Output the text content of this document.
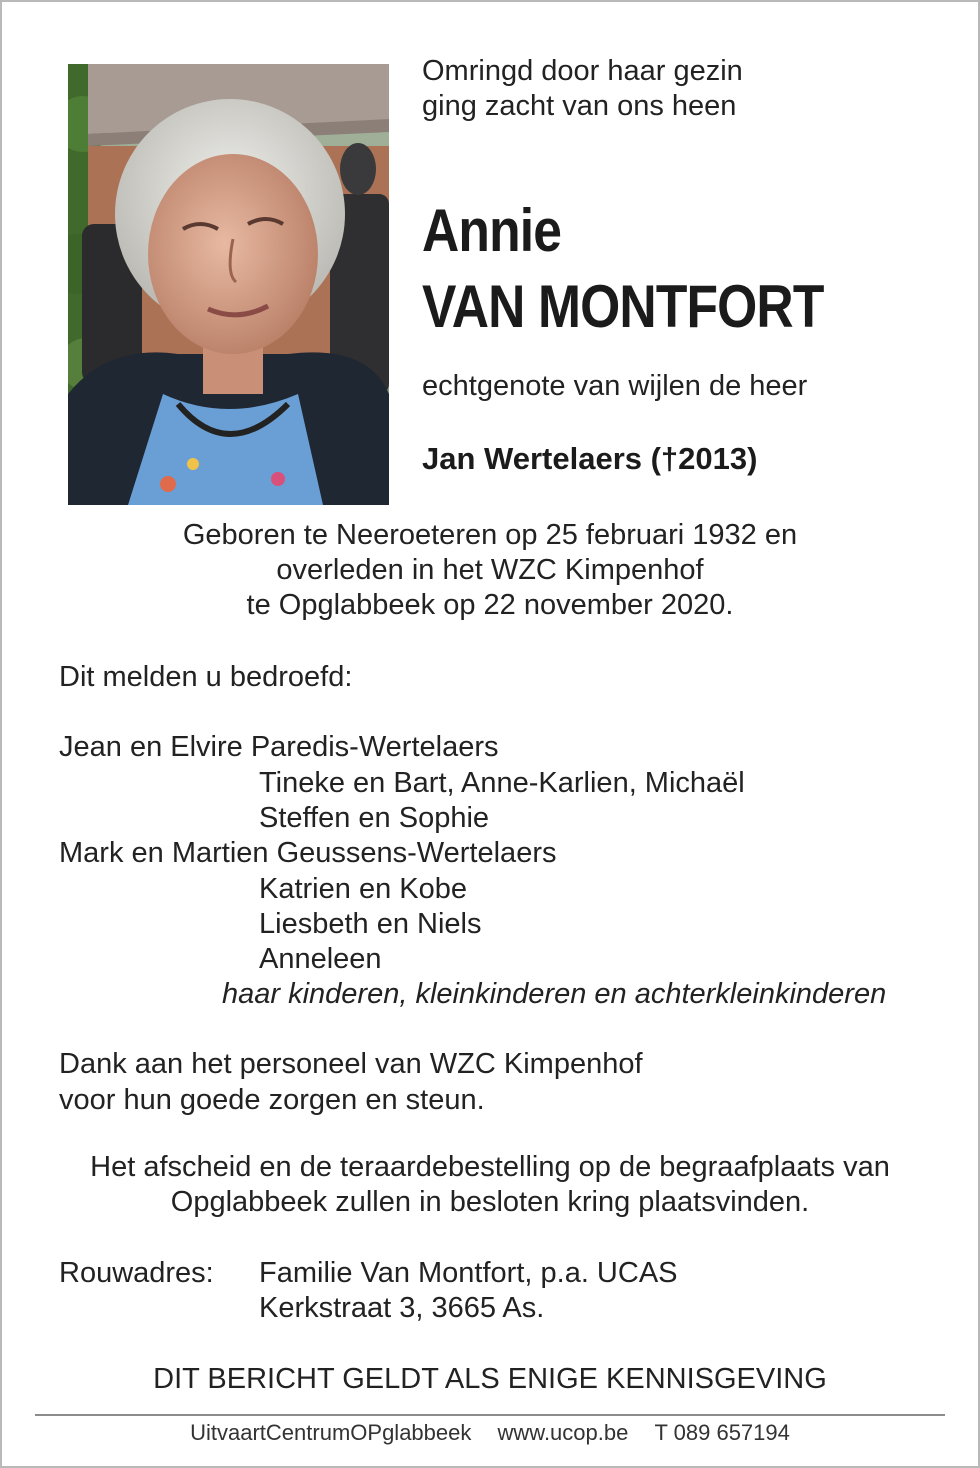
Omringd door haar gezin
ging zacht van ons heen
Annie
VAN MONTFORT
echtgenote van wijlen de heer
Jan Wertelaers (†2013)
Geboren te Neeroeteren op 25 februari 1932 en
overleden in het WZC Kimpenhof
te Opglabbeek op 22 november 2020.
Dit melden u bedroefd:
Jean en Elvire Paredis-Wertelaers
Tineke en Bart, Anne-Karlien, Michaël
Steffen en Sophie
Mark en Martien Geussens-Wertelaers
Katrien en Kobe
Liesbeth en Niels
Anneleen
haar kinderen, kleinkinderen en achterkleinkinderen
Dank aan het personeel van WZC Kimpenhof
voor hun goede zorgen en steun.
Het afscheid en de teraardebestelling op de begraafplaats van
Opglabbeek zullen in besloten kring plaatsvinden.
Rouwadres: Familie Van Montfort, p.a. UCAS
Kerkstraat 3, 3665 As.
DIT BERICHT GELDT ALS ENIGE KENNISGEVING
UitvaartCentrumOPglabbeek www.ucop.be T 089 657194
